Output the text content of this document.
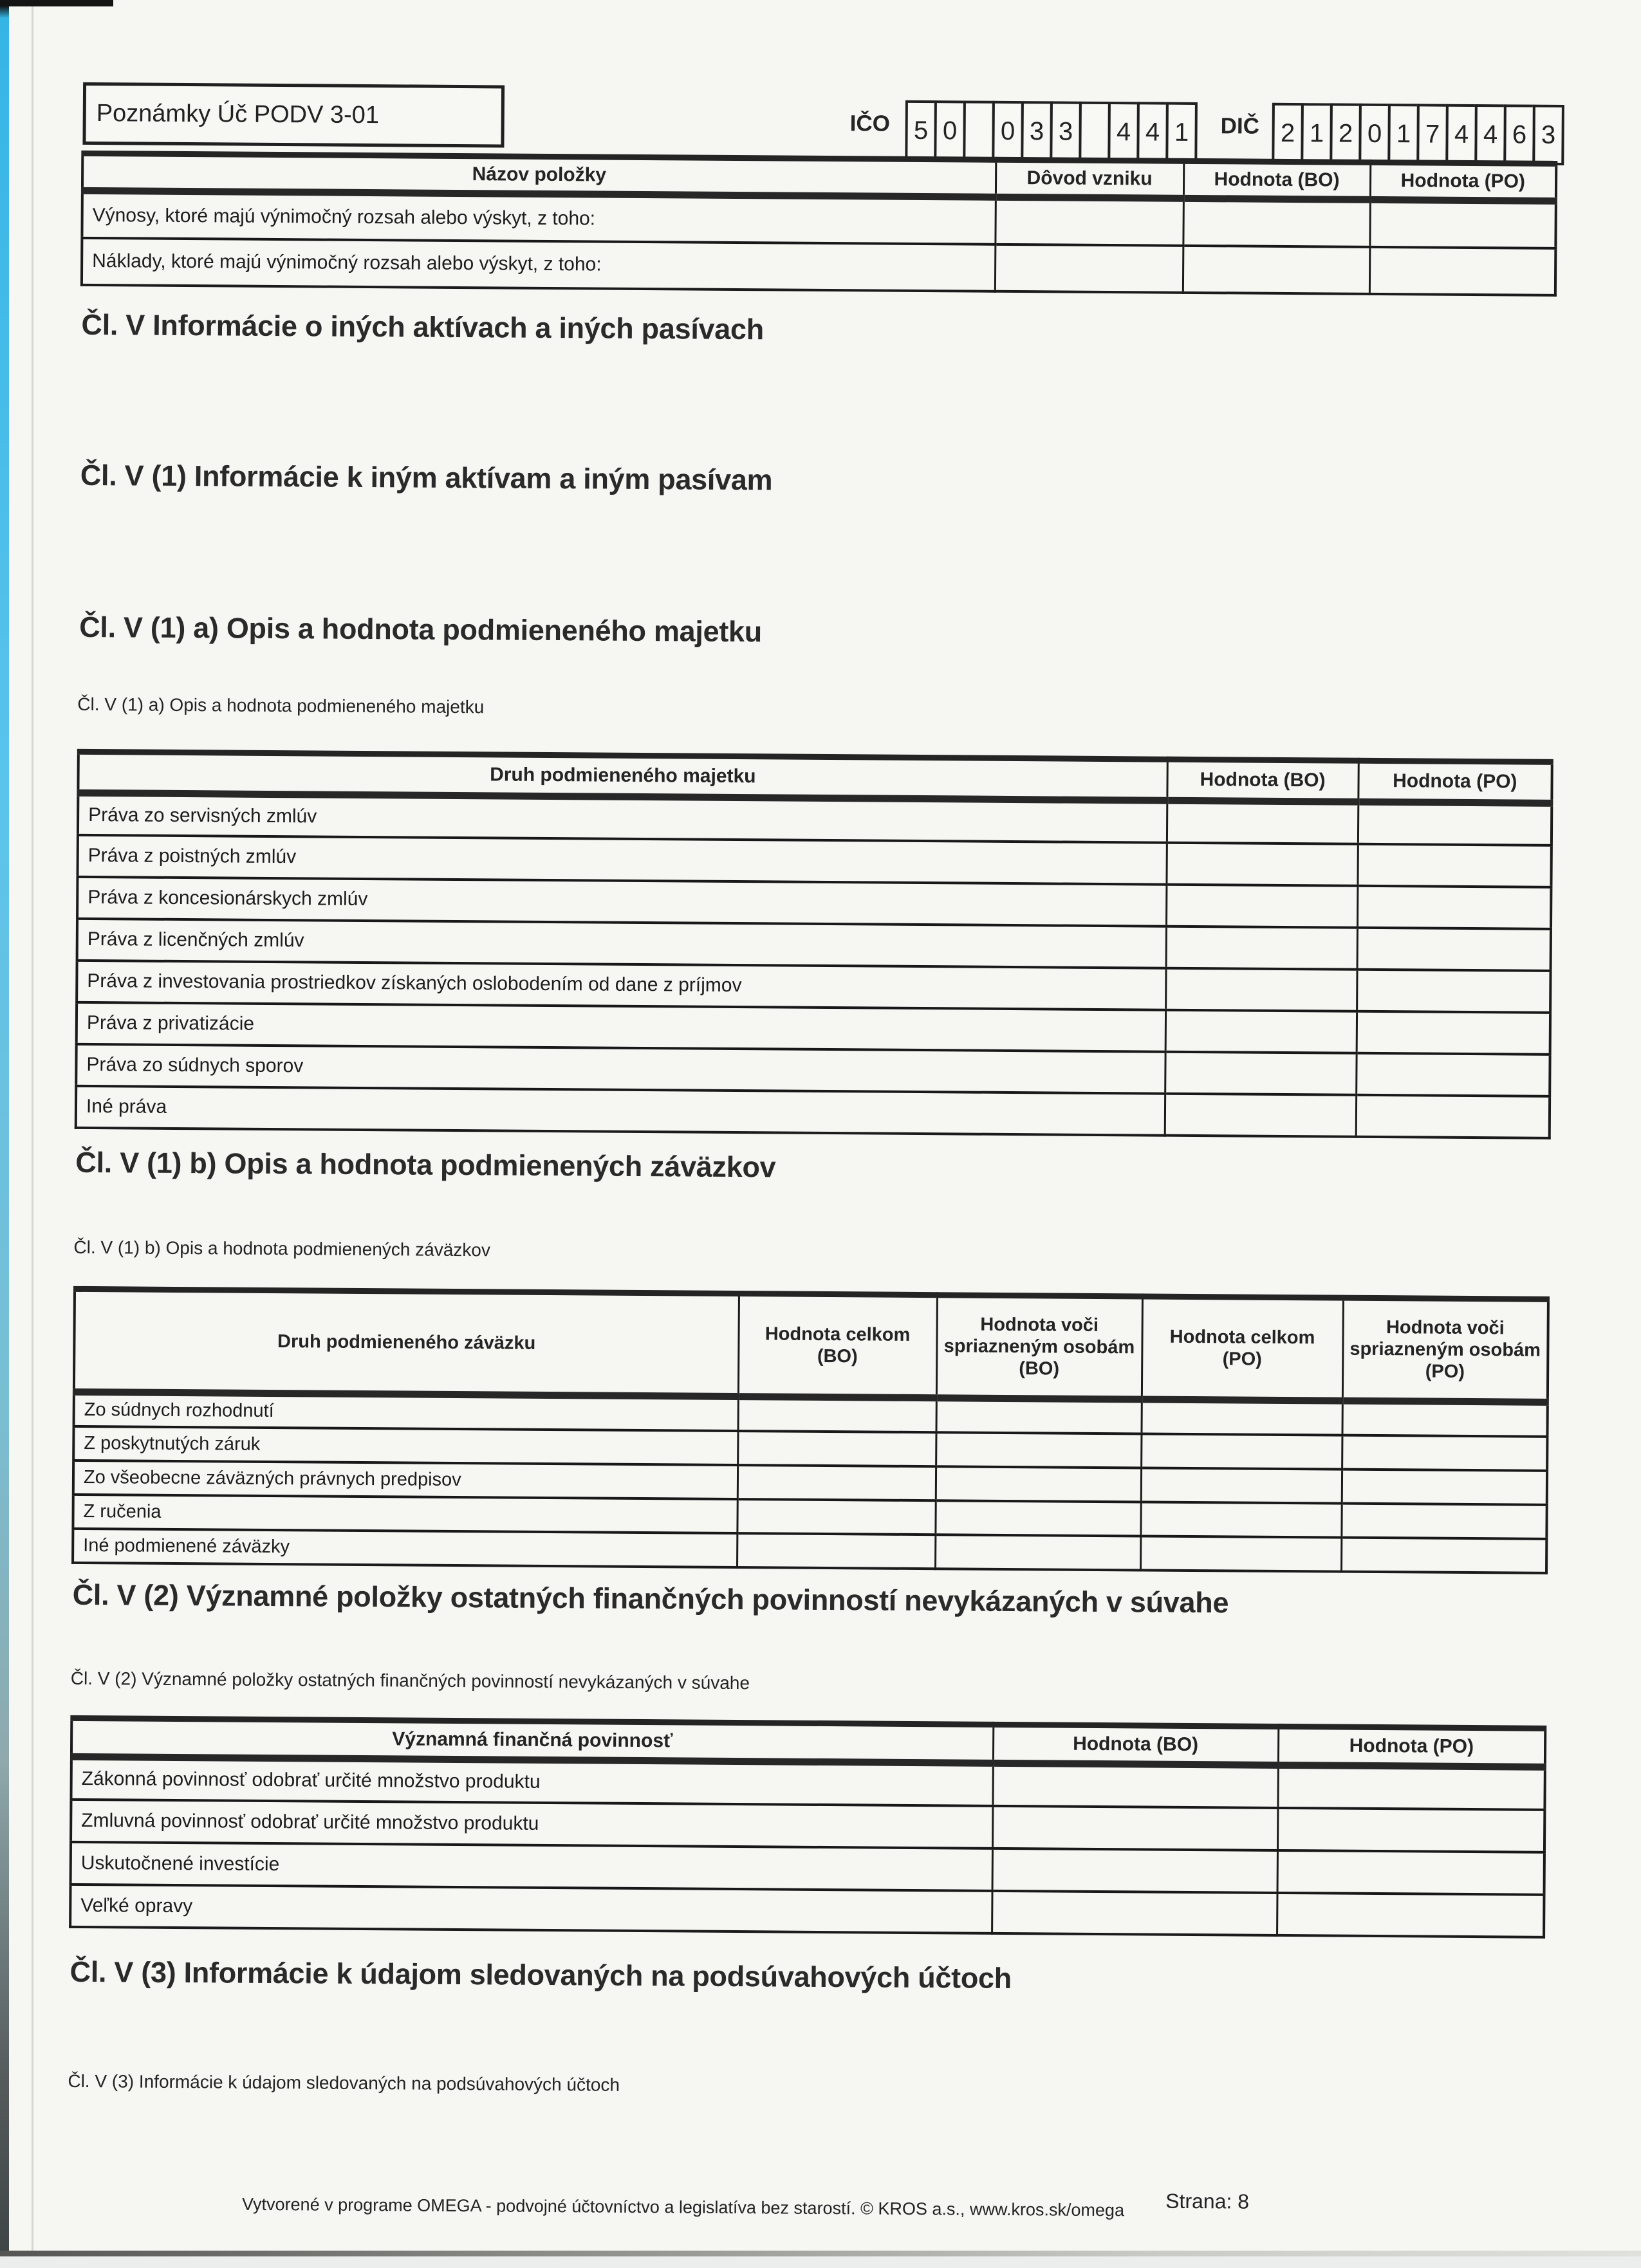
Poznámky Úč PODV 3-01	IČO 5 0	0 3 3	4 4 1	DIČ 2 1 2 0 1 7 4 4 6 3
Názov položky	Dôvod vzniku	Hodnota (BO)	Hodnota (PO)
Výnosy, ktoré majú výnimočný rozsah alebo výskyt, z toho:			
Náklady, ktoré majú výnimočný rozsah alebo výskyt, z toho:			
Čl. V Informácie o iných aktívach a iných pasívach
Čl. V (1) Informácie k iným aktívam a iným pasívam
Čl. V (1) a) Opis a hodnota podmieneného majetku
Čl. V (1) a) Opis a hodnota podmieneného majetku
Druh podmieneného majetku	Hodnota (BO)	Hodnota (PO)
Práva zo servisných zmlúv		
Práva z poistných zmlúv		
Práva z koncesionárskych zmlúv		
Práva z licenčných zmlúv		
Práva z investovania prostriedkov získaných oslobodením od dane z príjmov		
Práva z privatizácie		
Práva zo súdnych sporov		
Iné práva		
Čl. V (1) b) Opis a hodnota podmienených záväzkov
Čl. V (1) b) Opis a hodnota podmienených záväzkov
Druh podmieneného záväzku	Hodnota celkom (BO)	Hodnota voči spriazneným osobám (BO)	Hodnota celkom (PO)	Hodnota voči spriazneným osobám (PO)
Zo súdnych rozhodnutí				
Z poskytnutých záruk				
Zo všeobecne záväzných právnych predpisov				
Z ručenia				
Iné podmienené záväzky				
Čl. V (2) Významné položky ostatných finančných povinností nevykázaných v súvahe
Čl. V (2) Významné položky ostatných finančných povinností nevykázaných v súvahe
Významná finančná povinnosť	Hodnota (BO)	Hodnota (PO)
Zákonná povinnosť odobrať určité množstvo produktu		
Zmluvná povinnosť odobrať určité množstvo produktu		
Uskutočnené investície		
Veľké opravy		
Čl. V (3) Informácie k údajom sledovaných na podsúvahových účtoch
Čl. V (3) Informácie k údajom sledovaných na podsúvahových účtoch
Vytvorené v programe OMEGA - podvojné účtovníctvo a legislatíva bez starostí. © KROS a.s., www.kros.sk/omega Strana: 8
